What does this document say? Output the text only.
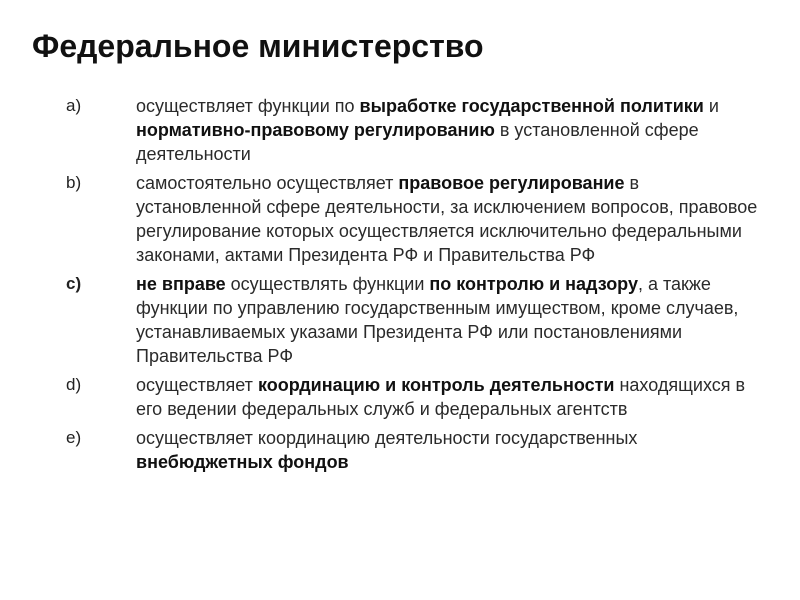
Федеральное министерство
a)	осуществляет функции по выработке государственной политики и нормативно-правовому регулированию в установленной сфере деятельности
b)	самостоятельно осуществляет правовое регулирование в установленной сфере деятельности, за исключением вопросов, правовое регулирование которых осуществляется исключительно федеральными законами, актами Президента РФ и Правительства РФ
c)	не вправе осуществлять функции по контролю и надзору, а также функции по управлению государственным имуществом, кроме случаев, устанавливаемых указами Президента РФ или постановлениями Правительства РФ
d)	осуществляет координацию и контроль деятельности находящихся в его ведении федеральных служб и федеральных агентств
e)	осуществляет координацию деятельности государственных внебюджетных фондов
